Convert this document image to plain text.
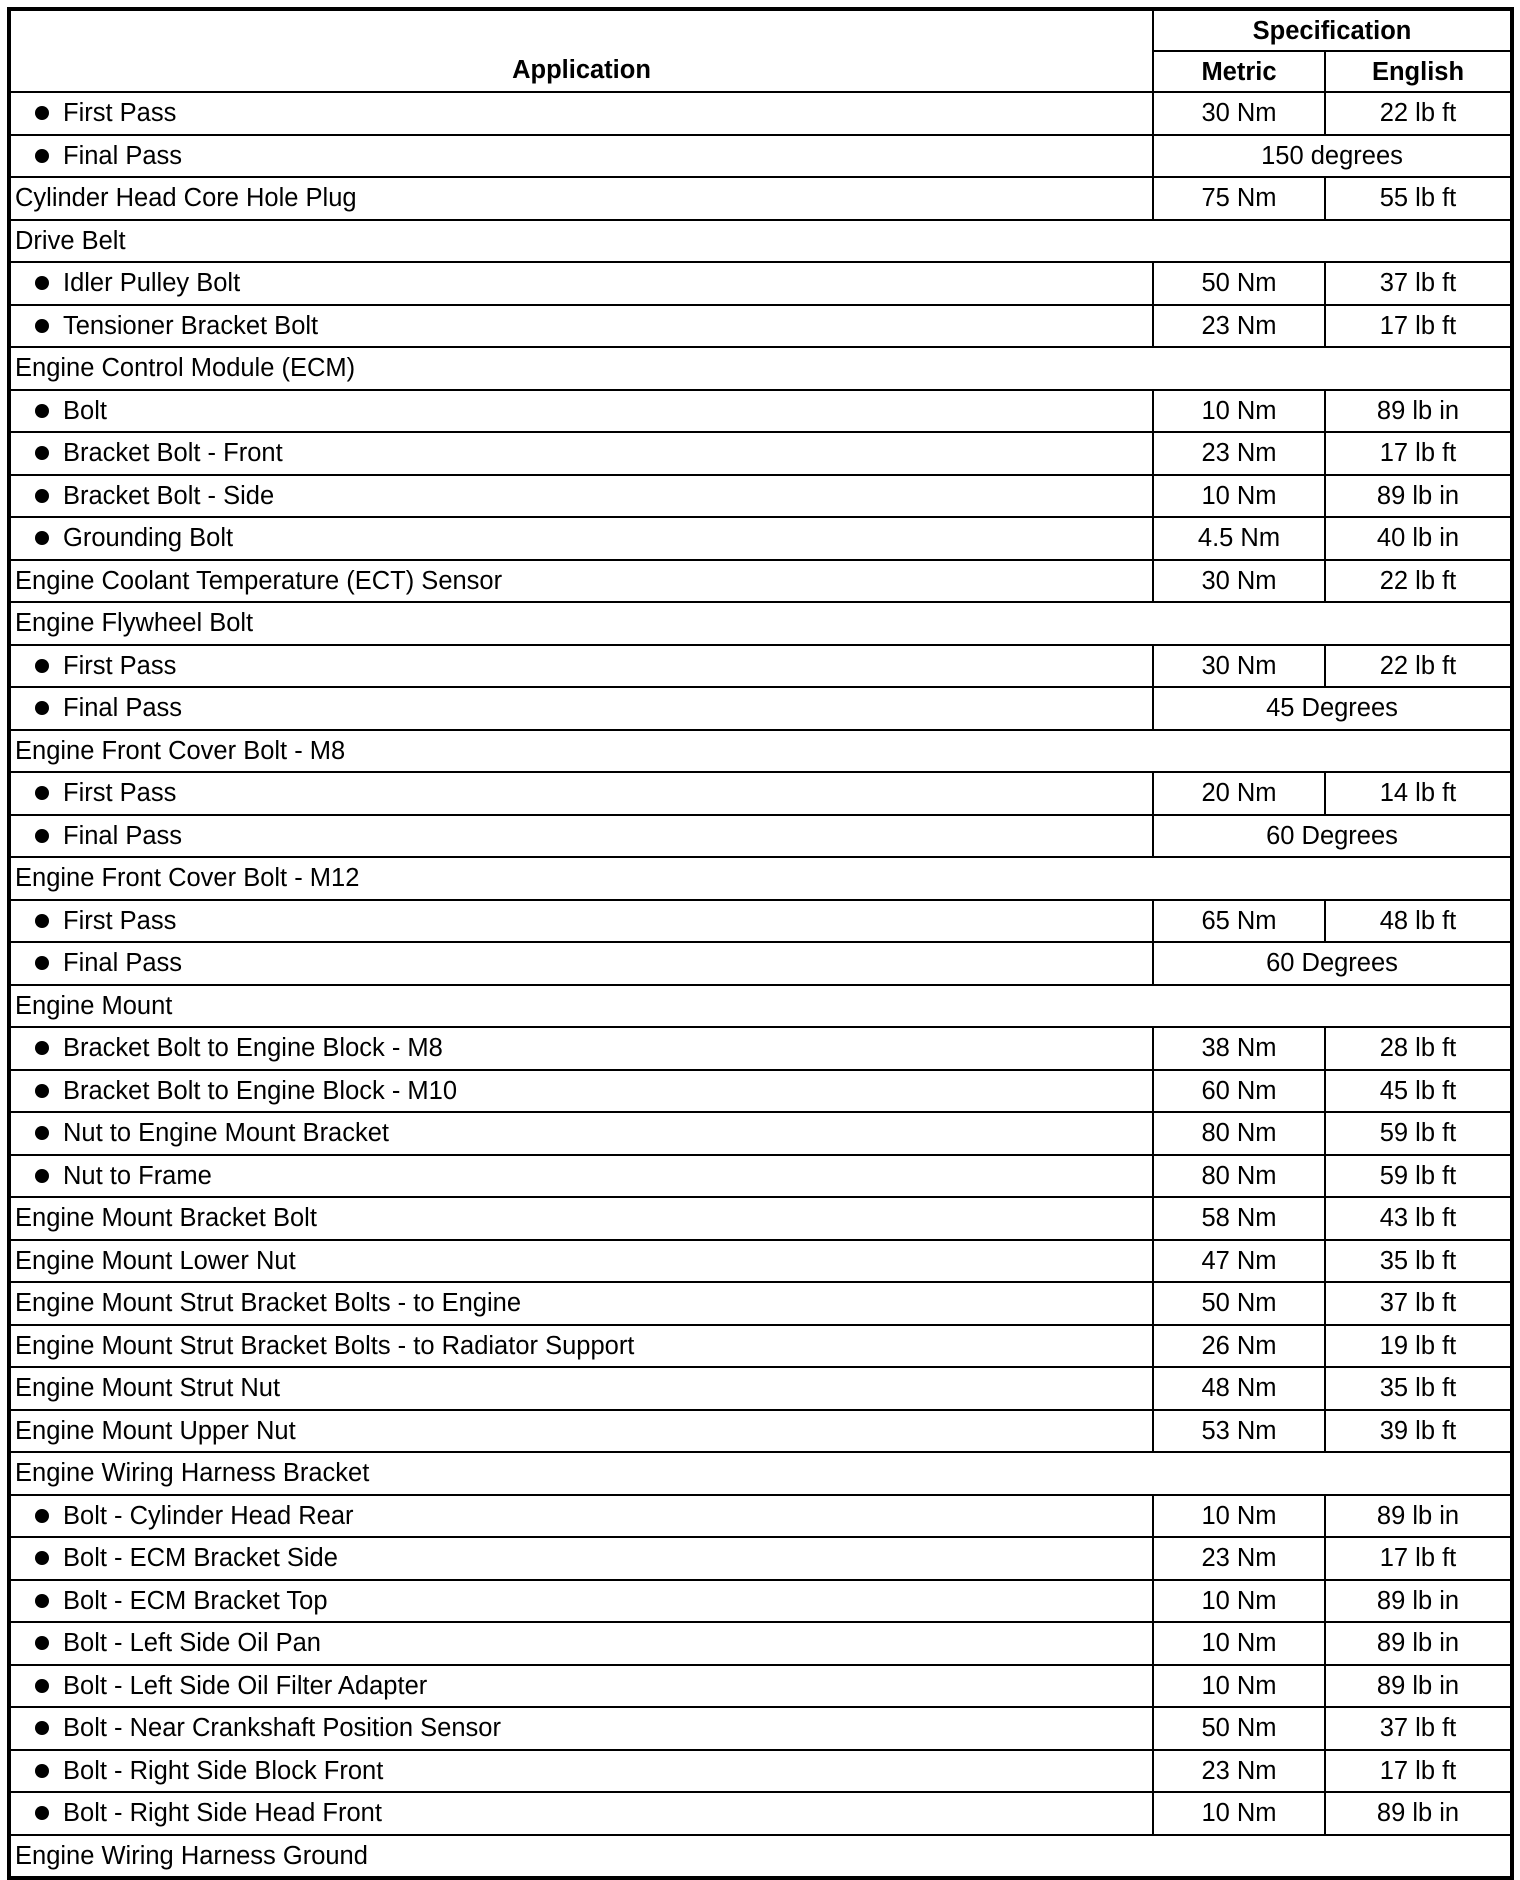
Application	Specification	
	Metric	English

First Pass	30 Nm	22 lb ft

Final Pass	150 degrees	
Cylinder Head Core Hole Plug	75 Nm	55 lb ft
Drive Belt		

Idler Pulley Bolt	50 Nm	37 lb ft

Tensioner Bracket Bolt	23 Nm	17 lb ft
Engine Control Module (ECM)		

Bolt	10 Nm	89 lb in

Bracket Bolt - Front	23 Nm	17 lb ft

Bracket Bolt - Side	10 Nm	89 lb in

Grounding Bolt	4.5 Nm	40 lb in
Engine Coolant Temperature (ECT) Sensor	30 Nm	22 lb ft
Engine Flywheel Bolt		

First Pass	30 Nm	22 lb ft

Final Pass	45 Degrees	
Engine Front Cover Bolt - M8		

First Pass	20 Nm	14 lb ft

Final Pass	60 Degrees	
Engine Front Cover Bolt - M12		

First Pass	65 Nm	48 lb ft

Final Pass	60 Degrees	
Engine Mount		

Bracket Bolt to Engine Block - M8	38 Nm	28 lb ft

Bracket Bolt to Engine Block - M10	60 Nm	45 lb ft

Nut to Engine Mount Bracket	80 Nm	59 lb ft

Nut to Frame	80 Nm	59 lb ft
Engine Mount Bracket Bolt	58 Nm	43 lb ft
Engine Mount Lower Nut	47 Nm	35 lb ft
Engine Mount Strut Bracket Bolts - to Engine	50 Nm	37 lb ft
Engine Mount Strut Bracket Bolts - to Radiator Support	26 Nm	19 lb ft
Engine Mount Strut Nut	48 Nm	35 lb ft
Engine Mount Upper Nut	53 Nm	39 lb ft
Engine Wiring Harness Bracket		

Bolt - Cylinder Head Rear	10 Nm	89 lb in

Bolt - ECM Bracket Side	23 Nm	17 lb ft

Bolt - ECM Bracket Top	10 Nm	89 lb in

Bolt - Left Side Oil Pan	10 Nm	89 lb in

Bolt - Left Side Oil Filter Adapter	10 Nm	89 lb in

Bolt - Near Crankshaft Position Sensor	50 Nm	37 lb ft

Bolt - Right Side Block Front	23 Nm	17 lb ft

Bolt - Right Side Head Front	10 Nm	89 lb in
Engine Wiring Harness Ground		
